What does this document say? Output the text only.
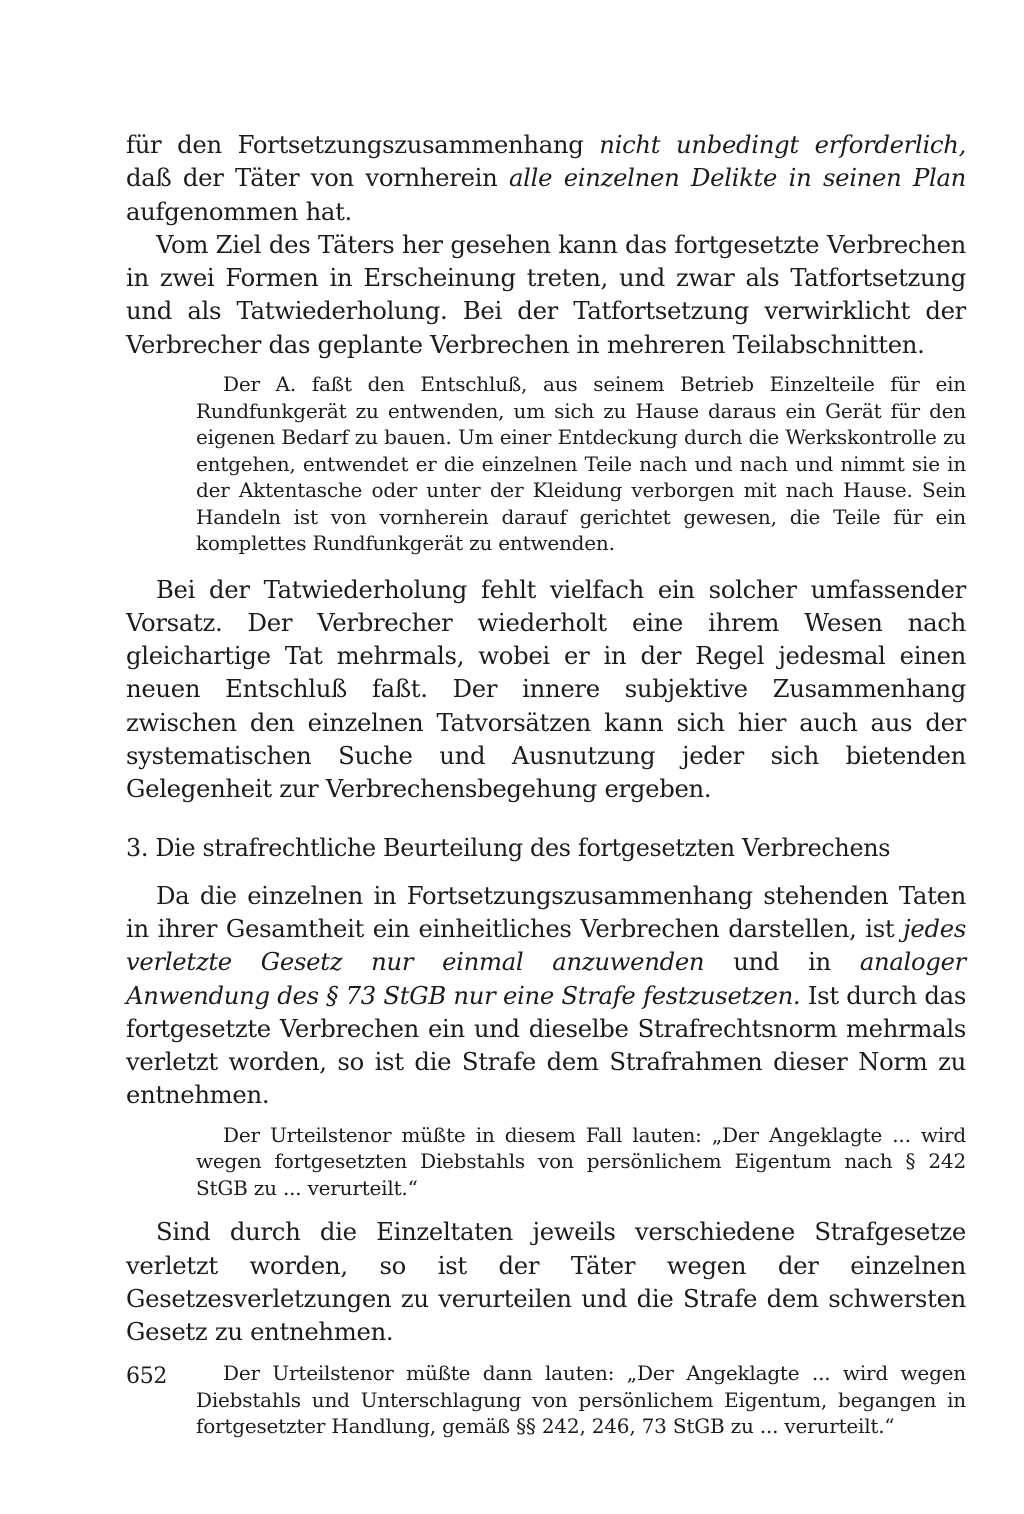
für den Fortsetzungszusammenhang nicht unbedingt erforderlich, daß der Täter von vornherein alle einzelnen Delikte in seinen Plan aufgenommen hat.

Vom Ziel des Täters her gesehen kann das fortgesetzte Verbrechen in zwei Formen in Erscheinung treten, und zwar als Tatfortsetzung und als Tatwiederholung. Bei der Tatfortsetzung verwirklicht der Verbrecher das geplante Verbrechen in mehreren Teilabschnitten.

Der A. faßt den Entschluß, aus seinem Betrieb Einzelteile für ein Rundfunkgerät zu entwenden, um sich zu Hause daraus ein Gerät für den eigenen Bedarf zu bauen. Um einer Entdeckung durch die Werkskontrolle zu entgehen, entwendet er die einzelnen Teile nach und nach und nimmt sie in der Aktentasche oder unter der Kleidung verborgen mit nach Hause. Sein Handeln ist von vornherein darauf gerichtet gewesen, die Teile für ein komplettes Rundfunkgerät zu entwenden.

Bei der Tatwiederholung fehlt vielfach ein solcher umfassender Vorsatz. Der Verbrecher wiederholt eine ihrem Wesen nach gleichartige Tat mehrmals, wobei er in der Regel jedesmal einen neuen Entschluß faßt. Der innere subjektive Zusammenhang zwischen den einzelnen Tatvorsätzen kann sich hier auch aus der systematischen Suche und Ausnutzung jeder sich bietenden Gelegenheit zur Verbrechensbegehung ergeben.

3. Die strafrechtliche Beurteilung des fortgesetzten Verbrechens

Da die einzelnen in Fortsetzungszusammenhang stehenden Taten in ihrer Gesamtheit ein einheitliches Verbrechen darstellen, ist jedes verletzte Gesetz nur einmal anzuwenden und in analoger Anwendung des § 73 StGB nur eine Strafe festzusetzen. Ist durch das fortgesetzte Verbrechen ein und dieselbe Strafrechtsnorm mehrmals verletzt worden, so ist die Strafe dem Strafrahmen dieser Norm zu entnehmen.

Der Urteilstenor müßte in diesem Fall lauten: „Der Angeklagte ... wird wegen fortgesetzten Diebstahls von persönlichem Eigentum nach § 242 StGB zu ... verurteilt.“

Sind durch die Einzeltaten jeweils verschiedene Strafgesetze verletzt worden, so ist der Täter wegen der einzelnen Gesetzesverletzungen zu verurteilen und die Strafe dem schwersten Gesetz zu entnehmen.

Der Urteilstenor müßte dann lauten: „Der Angeklagte ... wird wegen Diebstahls und Unterschlagung von persönlichem Eigentum, begangen in fortgesetzter Handlung, gemäß §§ 242, 246, 73 StGB zu ... verurteilt.“

652
